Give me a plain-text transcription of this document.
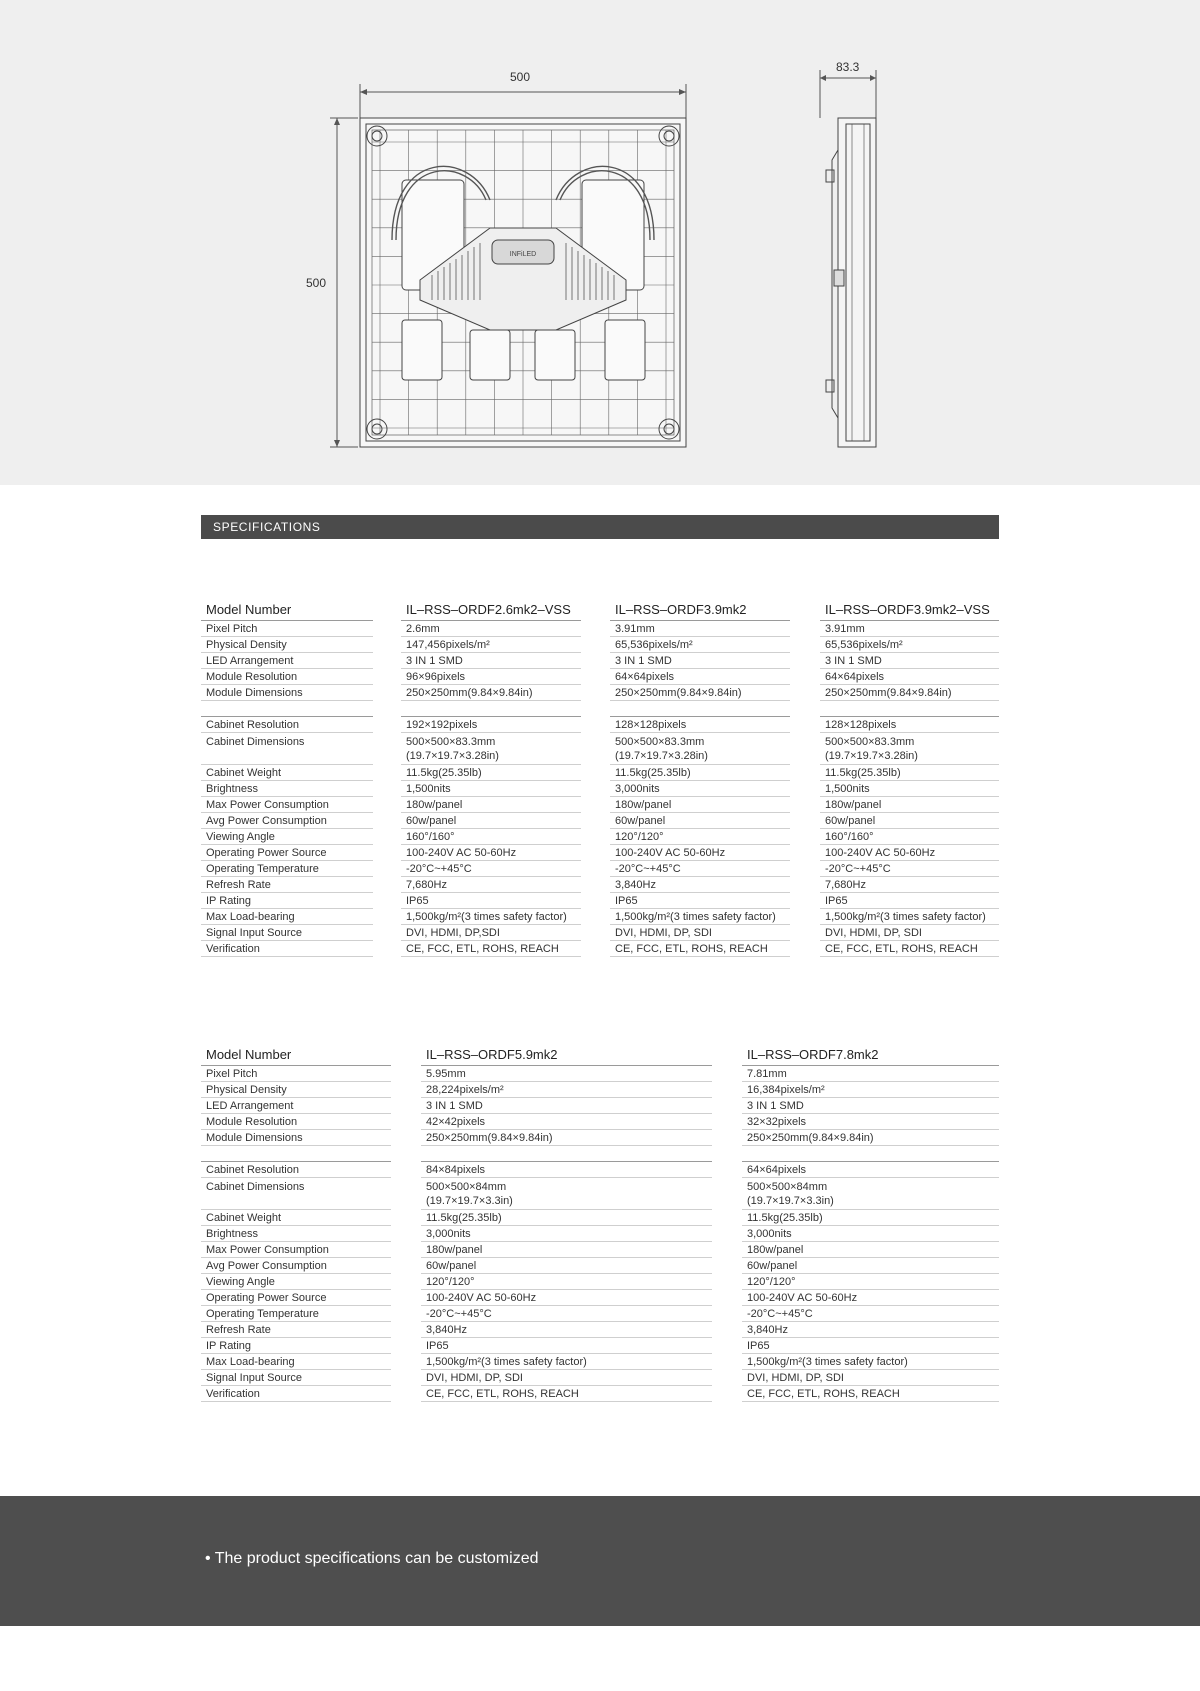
INFiLED
500
500
83.3
SPECIFICATIONS
Model Number
Pixel Pitch
Physical Density
LED Arrangement
Module Resolution
Module Dimensions
Cabinet Resolution
Cabinet Dimensions
Cabinet Weight
Brightness
Max Power Consumption
Avg Power Consumption
Viewing Angle
Operating Power Source
Operating Temperature
Refresh Rate
IP Rating
Max Load-bearing
Signal Input Source
Verification
IL–RSS–ORDF2.6mk2–VSS
2.6mm
147,456pixels/m²
3 IN 1 SMD
96×96pixels
250×250mm(9.84×9.84in)
192×192pixels
500×500×83.3mm
(19.7×19.7×3.28in)
11.5kg(25.35lb)
1,500nits
180w/panel
60w/panel
160°/160°
100-240V AC 50-60Hz
-20°C~+45°C
7,680Hz
IP65
1,500kg/m²(3 times safety factor)
DVI, HDMI, DP,SDI
CE, FCC, ETL, ROHS, REACH
IL–RSS–ORDF3.9mk2
3.91mm
65,536pixels/m²
3 IN 1 SMD
64×64pixels
250×250mm(9.84×9.84in)
128×128pixels
500×500×83.3mm
(19.7×19.7×3.28in)
11.5kg(25.35lb)
3,000nits
180w/panel
60w/panel
120°/120°
100-240V AC 50-60Hz
-20°C~+45°C
3,840Hz
IP65
1,500kg/m²(3 times safety factor)
DVI, HDMI, DP, SDI
CE, FCC, ETL, ROHS, REACH
IL–RSS–ORDF3.9mk2–VSS
3.91mm
65,536pixels/m²
3 IN 1 SMD
64×64pixels
250×250mm(9.84×9.84in)
128×128pixels
500×500×83.3mm
(19.7×19.7×3.28in)
11.5kg(25.35lb)
1,500nits
180w/panel
60w/panel
160°/160°
100-240V AC 50-60Hz
-20°C~+45°C
7,680Hz
IP65
1,500kg/m²(3 times safety factor)
DVI, HDMI, DP, SDI
CE, FCC, ETL, ROHS, REACH
Model Number
Pixel Pitch
Physical Density
LED Arrangement
Module Resolution
Module Dimensions
Cabinet Resolution
Cabinet Dimensions
Cabinet Weight
Brightness
Max Power Consumption
Avg Power Consumption
Viewing Angle
Operating Power Source
Operating Temperature
Refresh Rate
IP Rating
Max Load-bearing
Signal Input Source
Verification
IL–RSS–ORDF5.9mk2
5.95mm
28,224pixels/m²
3 IN 1 SMD
42×42pixels
250×250mm(9.84×9.84in)
84×84pixels
500×500×84mm
(19.7×19.7×3.3in)
11.5kg(25.35lb)
3,000nits
180w/panel
60w/panel
120°/120°
100-240V AC 50-60Hz
-20°C~+45°C
3,840Hz
IP65
1,500kg/m²(3 times safety factor)
DVI, HDMI, DP, SDI
CE, FCC, ETL, ROHS, REACH
IL–RSS–ORDF7.8mk2
7.81mm
16,384pixels/m²
3 IN 1 SMD
32×32pixels
250×250mm(9.84×9.84in)
64×64pixels
500×500×84mm
(19.7×19.7×3.3in)
11.5kg(25.35lb)
3,000nits
180w/panel
60w/panel
120°/120°
100-240V AC 50-60Hz
-20°C~+45°C
3,840Hz
IP65
1,500kg/m²(3 times safety factor)
DVI, HDMI, DP, SDI
CE, FCC, ETL, ROHS, REACH
• The product specifications can be customized
